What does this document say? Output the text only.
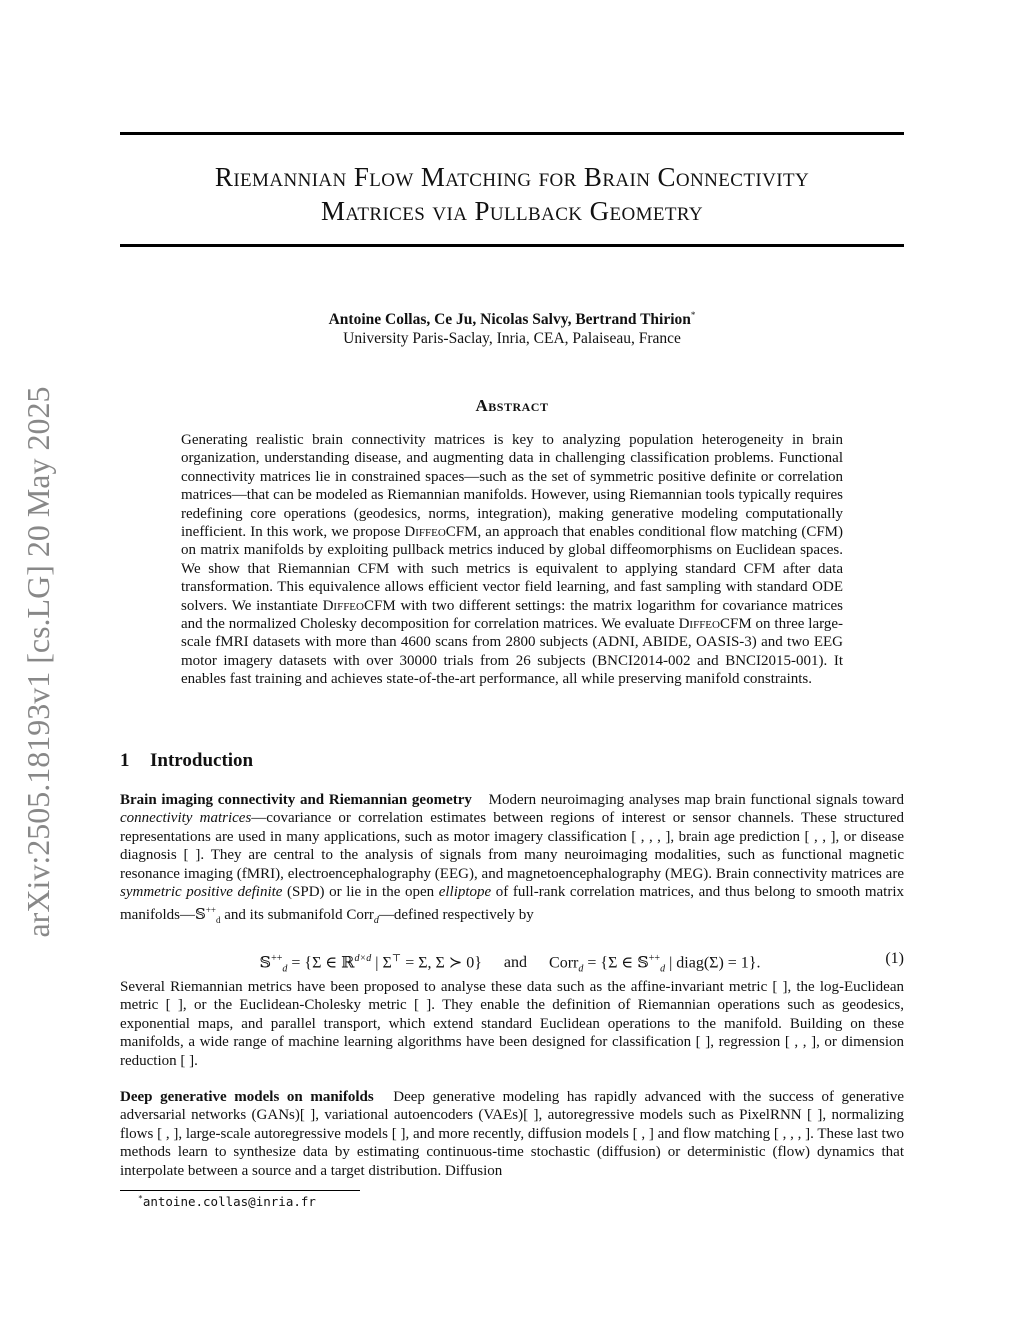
arXiv:2505.18193v1 [cs.LG] 20 May 2025
Riemannian Flow Matching for Brain Connectivity
Matrices via Pullback Geometry
Antoine Collas, Ce Ju, Nicolas Salvy, Bertrand Thirion*
University Paris-Saclay, Inria, CEA, Palaiseau, France
Abstract

Generating realistic brain connectivity matrices is key to analyzing population heterogeneity in brain organization, understanding disease, and augmenting data in challenging classification problems. Functional connectivity matrices lie in constrained spaces—such as the set of symmetric positive definite or correlation matrices—that can be modeled as Riemannian manifolds. However, using Riemannian tools typically requires redefining core operations (geodesics, norms, integration), making generative modeling computationally inefficient. In this work, we propose DiffeoCFM, an approach that enables conditional flow matching (CFM) on matrix manifolds by exploiting pullback metrics induced by global diffeomorphisms on Euclidean spaces. We show that Riemannian CFM with such metrics is equivalent to applying standard CFM after data transformation. This equivalence allows efficient vector field learning, and fast sampling with standard ODE solvers. We instantiate DiffeoCFM with two different settings: the matrix logarithm for covariance matrices and the normalized Cholesky decomposition for correlation matrices. We evaluate DiffeoCFM on three large-scale fMRI datasets with more than 4600 scans from 2800 subjects (ADNI, ABIDE, OASIS-3) and two EEG motor imagery datasets with over 30000 trials from 26 subjects (BNCI2014-002 and BNCI2015-001). It enables fast training and achieves state-of-the-art performance, all while preserving manifold constraints.

1 Introduction

Brain imaging connectivity and Riemannian geometry Modern neuroimaging analyses map brain functional signals toward connectivity matrices—covariance or correlation estimates between regions of interest or sensor channels. These structured representations are used in many applications, such as motor imagery classification [ , , , ], brain age prediction [ , , ], or disease diagnosis [ ]. They are central to the analysis of signals from many neuroimaging modalities, such as functional magnetic resonance imaging (fMRI), electroencephalography (EEG), and magnetoencephalography (MEG). Brain connectivity matrices are symmetric positive definite (SPD) or lie in the open elliptope of full-rank correlation matrices, and thus belong to smooth matrix manifolds—𝕊++$_d$ and its submanifold Corr$_d$—defined respectively by

𝕊++$_d$ = {Σ ∈ ℝ$^{d\times d}$ | Σ⊤ = Σ, Σ ≻ 0} and Corr$_d$ = {Σ ∈ 𝕊++$_d$ | diag(Σ) = 1}.	(1)

Several Riemannian metrics have been proposed to analyse these data such as the affine-invariant metric [ ], the log-Euclidean metric [ ], or the Euclidean-Cholesky metric [ ]. They enable the definition of Riemannian operations such as geodesics, exponential maps, and parallel transport, which extend standard Euclidean operations to the manifold. Building on these manifolds, a wide range of machine learning algorithms have been designed for classification [ ], regression [ , , ], or dimension reduction [ ].

Deep generative models on manifolds Deep generative modeling has rapidly advanced with the success of generative adversarial networks (GANs)[ ], variational autoencoders (VAEs)[ ], autoregressive models such as PixelRNN [ ], normalizing flows [ , ], large-scale autoregressive models [ ], and more recently, diffusion models [ , ] and flow matching [ , , , ]. These last two methods learn to synthesize data by estimating continuous-time stochastic (diffusion) or deterministic (flow) dynamics that interpolate between a source and a target distribution. Diffusion

*antoine.collas@inria.fr
